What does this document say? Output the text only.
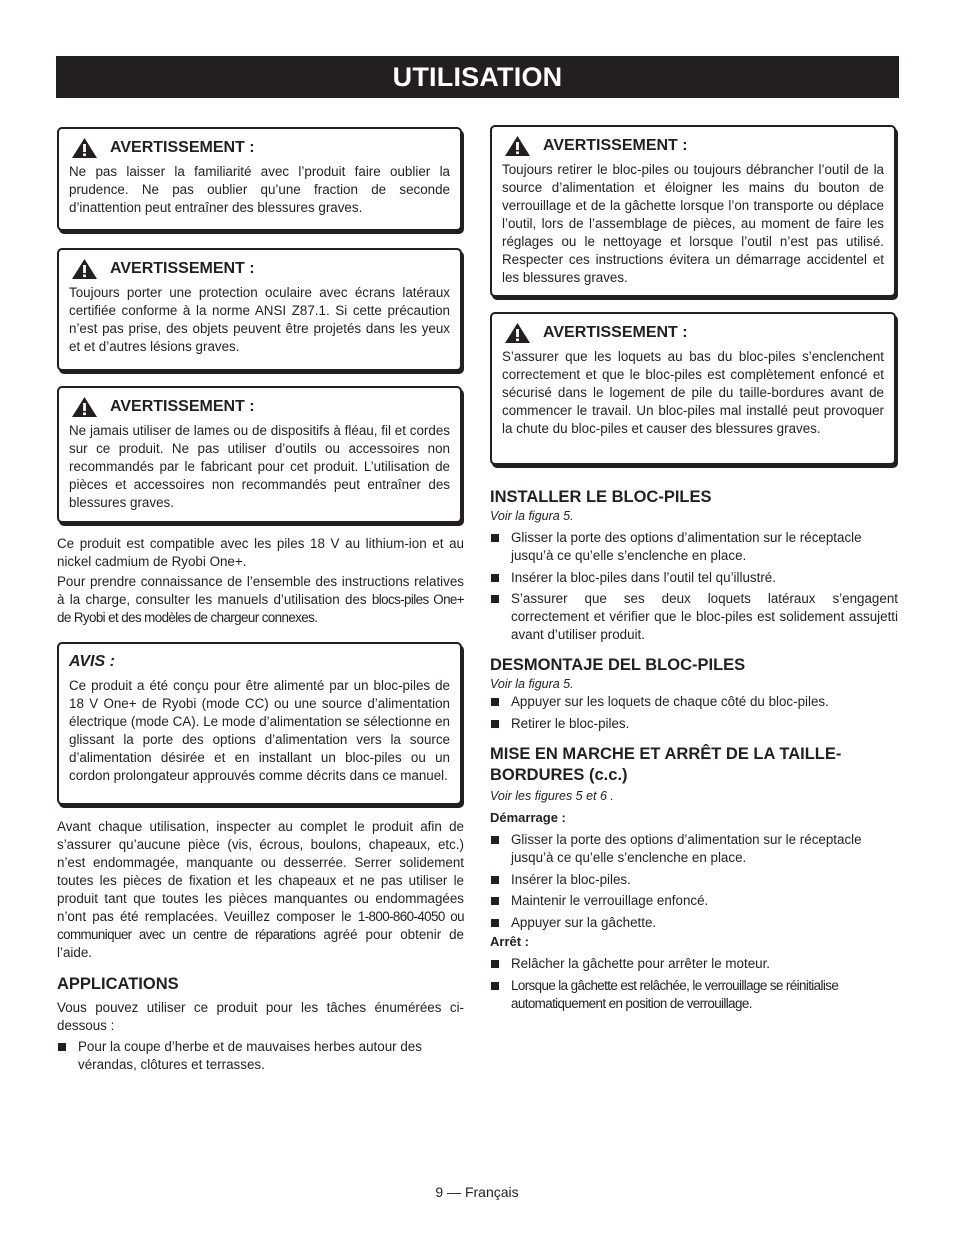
UTILISATION
AVERTISSEMENT :
Ne pas laisser la familiarité avec l’produit faire oublier la prudence. Ne pas oublier qu’une fraction de seconde d’inattention peut entraîner des blessures graves.
AVERTISSEMENT :
Toujours porter une protection oculaire avec écrans latéraux certifiée conforme à la norme ANSI Z87.1. Si cette précaution n’est pas prise, des objets peuvent être projetés dans les yeux et et d’autres lésions graves.
AVERTISSEMENT :
Ne jamais utiliser de lames ou de dispositifs à fléau, fil et cordes sur ce produit. Ne pas utiliser d’outils ou accessoires non recommandés par le fabricant pour cet produit. L’utilisation de pièces et accessoires non recommandés peut entraîner des blessures graves.

Ce produit est compatible avec les piles 18 V au lithium-ion et au nickel cadmium de Ryobi One+.

Pour prendre connaissance de l’ensemble des instructions relatives à la charge, consulter les manuels d’utilisation des blocs-piles One+ de Ryobi et des modèles de chargeur connexes.

AVIS :
Ce produit a été conçu pour être alimenté par un bloc-piles de 18 V One+ de Ryobi (mode CC) ou une source d’alimentation électrique (mode CA). Le mode d’alimentation se sélectionne en glissant la porte des options d’alimentation vers la source d’alimentation désirée et en installant un bloc-piles ou un cordon prolongateur approuvés comme décrits dans ce manuel.

Avant chaque utilisation, inspecter au complet le produit afin de s’assurer qu’aucune pièce (vis, écrous, boulons, chapeaux, etc.) n’est endommagée, manquante ou desserrée. Serrer solidement toutes les pièces de fixation et les chapeaux et ne pas utiliser le produit tant que toutes les pièces manquantes ou endommagées n’ont pas été remplacées. Veuillez composer le 1-800-860-4050 ou communiquer avec un centre de réparations agréé pour obtenir de l’aide.

APPLICATIONS

Vous pouvez utiliser ce produit pour les tâches énumérées ci-dessous :

Pour la coupe d’herbe et de mauvaises herbes autour des vérandas, clôtures et terrasses.
AVERTISSEMENT :
Toujours retirer le bloc-piles ou toujours débrancher l’outil de la source d’alimentation et éloigner les mains du bouton de verrouillage et de la gâchette lorsque l’on transporte ou déplace l’outil, lors de l’assemblage de pièces, au moment de faire les réglages ou le nettoyage et lorsque l’outil n’est pas utilisé. Respecter ces instructions évitera un démarrage accidentel et les blessures graves.
AVERTISSEMENT :
S’assurer que les loquets au bas du bloc-piles s’enclenchent correctement et que le bloc-piles est complètement enfoncé et sécurisé dans le logement de pile du taille-bordures avant de commencer le travail. Un bloc-piles mal installé peut provoquer la chute du bloc-piles et causer des blessures graves.
INSTALLER LE BLOC-PILES

Voir la figura 5.

Glisser la porte des options d’alimentation sur le réceptacle jusqu’à ce qu’elle s’enclenche en place.
Insérer la bloc-piles dans l’outil tel qu’illustré.
S’assurer que ses deux loquets latéraux s’engagent correctement et vérifier que le bloc-piles est solidement assujetti avant d’utiliser produit.
DESMONTAJE DEL BLOC-PILES

Voir la figura 5.

Appuyer sur les loquets de chaque côté du bloc-piles.
Retirer le bloc-piles.
MISE EN MARCHE ET ARRÊT DE LA TAILLE-
BORDURES (c.c.)

Voir les figures 5 et 6 .

Démarrage :

Glisser la porte des options d’alimentation sur le réceptacle jusqu’à ce qu’elle s’enclenche en place.
Insérer la bloc-piles.
Maintenir le verrouillage enfoncé.
Appuyer sur la gâchette.

Arrêt :

Relâcher la gâchette pour arrêter le moteur.
Lorsque la gâchette est relâchée, le verrouillage se réinitialise automatiquement en position de verrouillage.
9 — Français
